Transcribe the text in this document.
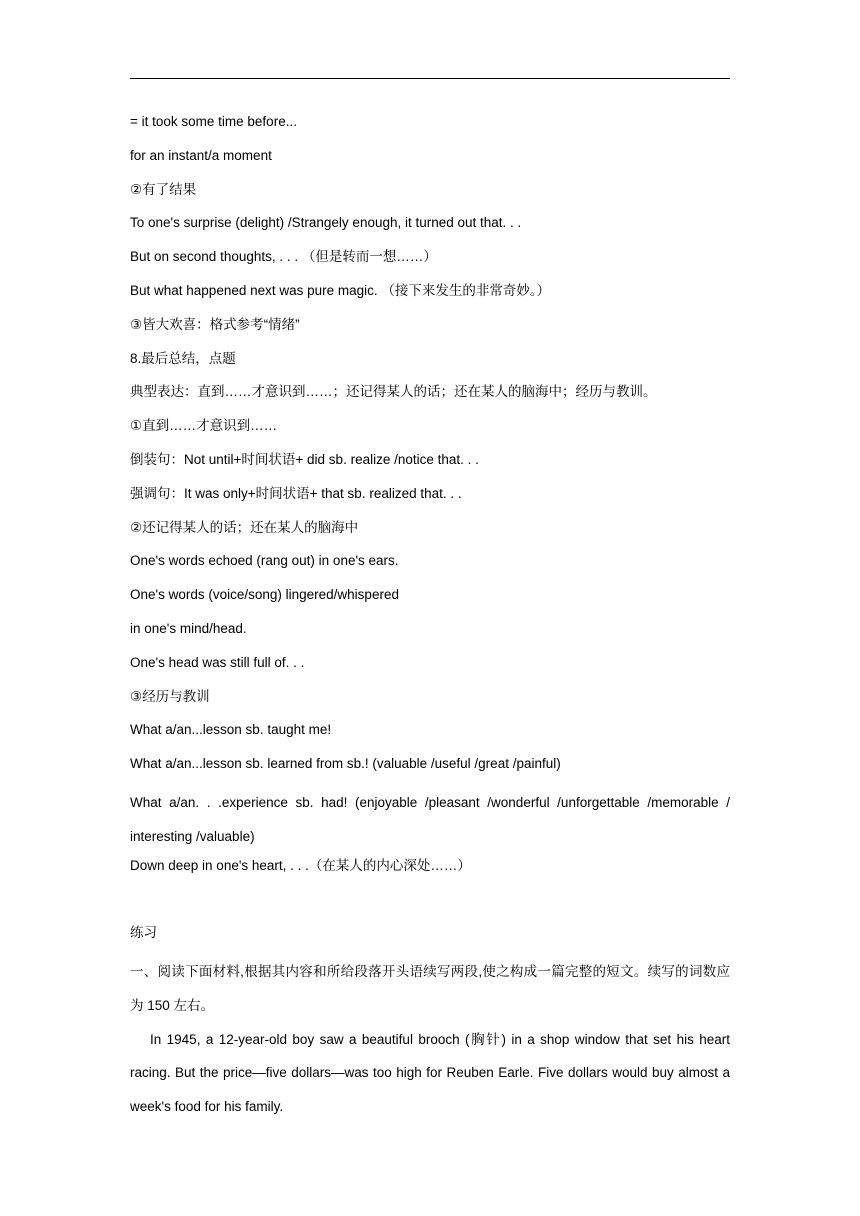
= it took some time before...
for an instant/a moment
②有了结果
To one's surprise (delight) /Strangely enough, it turned out that. . .
But on second thoughts, . . . （但是转而一想……）
But what happened next was pure magic. （接下来发生的非常奇妙。）
③皆大欢喜：格式参考“情绪”
8.最后总结，点题
典型表达：直到……才意识到……；还记得某人的话；还在某人的脑海中；经历与教训。
①直到……才意识到……
倒装句：Not until+时间状语+ did sb. realize /notice that. . .
强调句：It was only+时间状语+ that sb. realized that. . .
②还记得某人的话；还在某人的脑海中
One's words echoed (rang out) in one's ears.
One's words (voice/song) lingered/whispered
in one's mind/head.
One's head was still full of. . .
③经历与教训
What a/an...lesson sb. taught me!
What a/an...lesson sb. learned from sb.! (valuable /useful /great /painful)
What a/an. . .experience sb. had! (enjoyable /pleasant /wonderful /unforgettable /memorable / interesting /valuable)
Down deep in one's heart, . . .（在某人的内心深处……）
练习
一、阅读下面材料,根据其内容和所给段落开头语续写两段,使之构成一篇完整的短文。续写的词数应为 150 左右。
In 1945, a 12-year-old boy saw a beautiful brooch (胸针) in a shop window that set his heart racing. But the price—five dollars—was too high for Reuben Earle. Five dollars would buy almost a week's food for his family.
